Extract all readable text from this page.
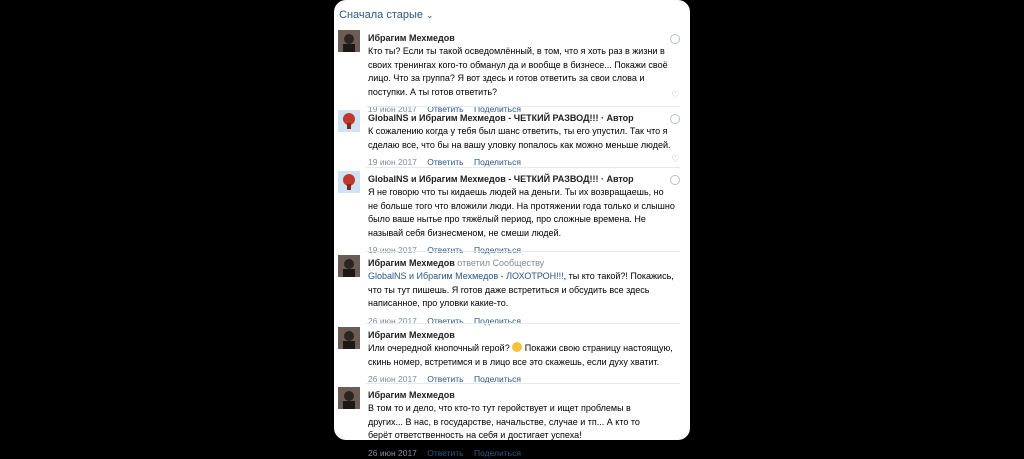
Сначала старые ⌄
Ибрагим Мехмедов
Кто ты? Если ты такой осведомлённый, в том, что я хоть раз в жизни в своих тренингах кого-то обманул да и вообще в бизнесе... Покажи своё лицо. Что за группа? Я вот здесь и готов ответить за свои слова и поступки. А ты готов ответить?
19 июн 2017 Ответить Поделиться
♡
GlobalNS и Ибрагим Мехмедов - ЧЕТКИЙ РАЗВОД!!! · Автор
К сожалению когда у тебя был шанс ответить, ты его упустил. Так что я сделаю все, что бы на вашу уловку попалось как можно меньше людей.
19 июн 2017 Ответить Поделиться	♡
GlobalNS и Ибрагим Мехмедов - ЧЕТКИЙ РАЗВОД!!! · Автор
Я не говорю что ты кидаешь людей на деньги. Ты их возвращаешь, но не больше того что вложили люди. На протяжении года только и слышно было ваше нытье про тяжёлый период, про сложные времена. Не называй себя бизнесменом, не смеши людей.
19 июн 2017 Ответить Поделиться
Ибрагим Мехмедов ответил Сообществу
GlobalNS и Ибрагим Мехмедов - ЛОХОТРОН!!!, ты кто такой?! Покажись, что ты тут пишешь. Я готов даже встретиться и обсудить все здесь написанное, про уловки какие-то.
26 июн 2017 Ответить Поделиться
Ибрагим Мехмедов
Или очередной кнопочный герой?  Покажи свою страницу настоящую, скинь номер, встретимся и в лицо все это скажешь, если духу хватит.
26 июн 2017 Ответить Поделиться
Ибрагим Мехмедов
В том то и дело, что кто-то тут геройствует и ищет проблемы в других... В нас, в государстве, начальстве, случае и тп... А кто то берёт ответственность на себя и достигает успеха!
26 июн 2017 Ответить Поделиться
$CPA^{RU}$
